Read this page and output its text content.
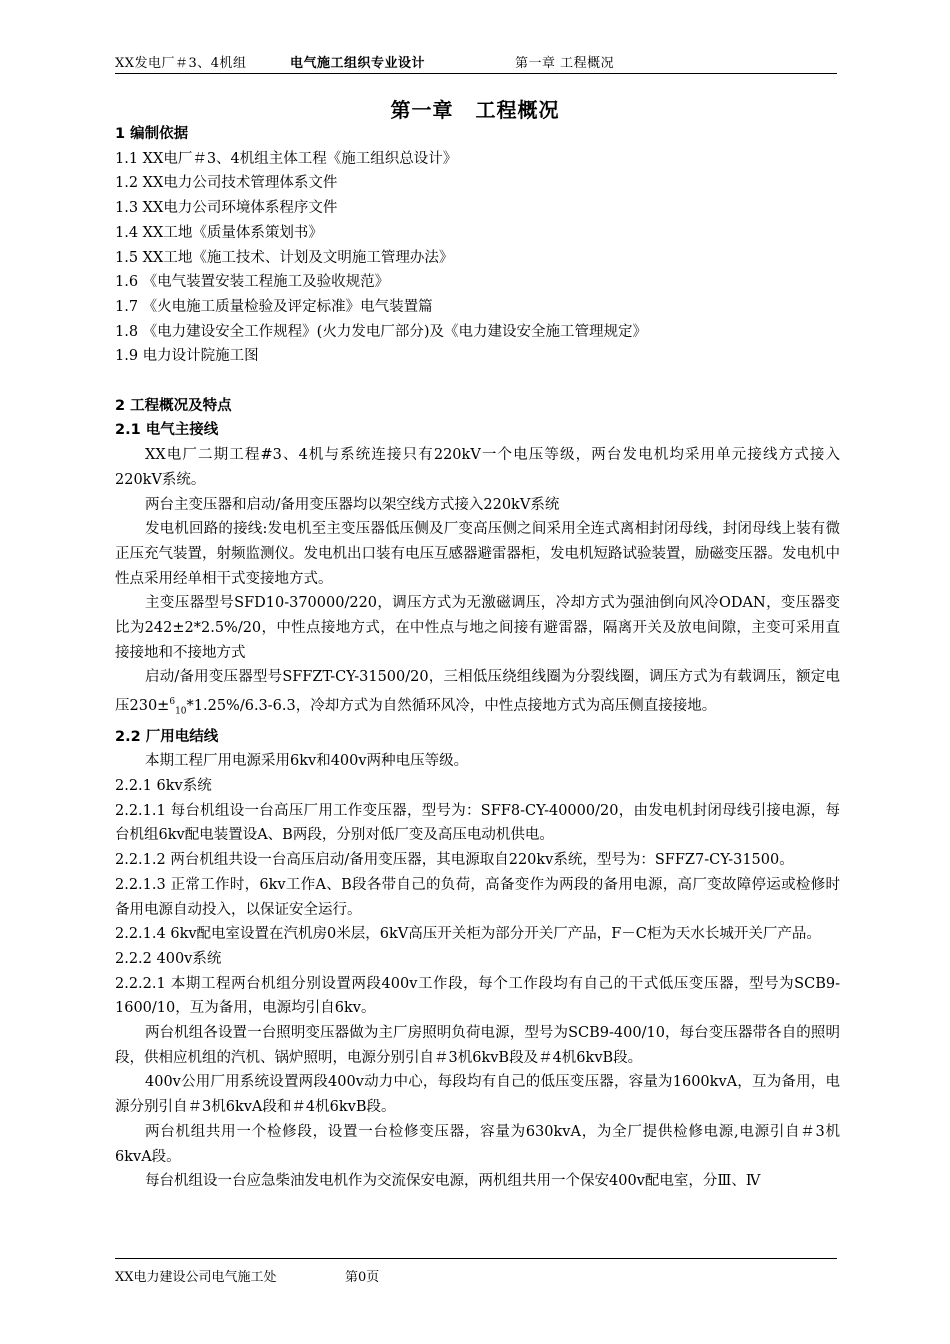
XX发电厂＃3、4机组	电气施工组织专业设计	第一章 工程概况
第一章 工程概况

1 编制依据

1.1 XX电厂＃3、4机组主体工程《施工组织总设计》

1.2 XX电力公司技术管理体系文件

1.3 XX电力公司环境体系程序文件

1.4 XX工地《质量体系策划书》

1.5 XX工地《施工技术、计划及文明施工管理办法》

1.6 《电气装置安装工程施工及验收规范》

1.7 《火电施工质量检验及评定标准》电气装置篇

1.8 《电力建设安全工作规程》(火力发电厂部分)及《电力建设安全施工管理规定》

1.9 电力设计院施工图

2 工程概况及特点

2.1 电气主接线

XX电厂二期工程#3、4机与系统连接只有220kV一个电压等级，两台发电机均采用单元接线方式接入220kV系统。

两台主变压器和启动/备用变压器均以架空线方式接入220kV系统

发电机回路的接线:发电机至主变压器低压侧及厂变高压侧之间采用全连式离相封闭母线，封闭母线上装有微正压充气装置，射频监测仪。发电机出口装有电压互感器避雷器柜，发电机短路试验装置，励磁变压器。发电机中性点采用经单相干式变接地方式。

主变压器型号SFD10-370000/220，调压方式为无激磁调压，冷却方式为强油倒向风冷ODAN，变压器变比为242±2*2.5%/20，中性点接地方式，在中性点与地之间接有避雷器，隔离开关及放电间隙，主变可采用直接接地和不接地方式

启动/备用变压器型号SFFZT-CY-31500/20，三相低压绕组线圈为分裂线圈，调压方式为有载调压，额定电压230±$^6_{10}$*1.25%/6.3-6.3，冷却方式为自然循环风冷，中性点接地方式为高压侧直接接地。

2.2 厂用电结线

本期工程厂用电源采用6kv和400v两种电压等级。

2.2.1 6kv系统

2.2.1.1 每台机组设一台高压厂用工作变压器，型号为：SFF8-CY-40000/20，由发电机封闭母线引接电源，每台机组6kv配电装置设A、B两段，分别对低厂变及高压电动机供电。

2.2.1.2 两台机组共设一台高压启动/备用变压器，其电源取自220kv系统，型号为：SFFZ7-CY-31500。

2.2.1.3 正常工作时，6kv工作A、B段各带自己的负荷，高备变作为两段的备用电源，高厂变故障停运或检修时备用电源自动投入，以保证安全运行。

2.2.1.4 6kv配电室设置在汽机房0米层，6kV高压开关柜为部分开关厂产品，F－C柜为天水长城开关厂产品。

2.2.2 400v系统

2.2.2.1 本期工程两台机组分别设置两段400v工作段，每个工作段均有自己的干式低压变压器，型号为SCB9-1600/10，互为备用，电源均引自6kv。

两台机组各设置一台照明变压器做为主厂房照明负荷电源，型号为SCB9-400/10，每台变压器带各自的照明段，供相应机组的汽机、锅炉照明，电源分别引自＃3机6kvB段及＃4机6kvB段。

400v公用厂用系统设置两段400v动力中心，每段均有自己的低压变压器，容量为1600kvA，互为备用，电源分别引自＃3机6kvA段和＃4机6kvB段。

两台机组共用一个检修段，设置一台检修变压器，容量为630kvA，为全厂提供检修电源,电源引自＃3机6kvA段。

每台机组设一台应急柴油发电机作为交流保安电源，两机组共用一个保安400v配电室，分Ⅲ、Ⅳ

XX电力建设公司电气施工处	第0页
